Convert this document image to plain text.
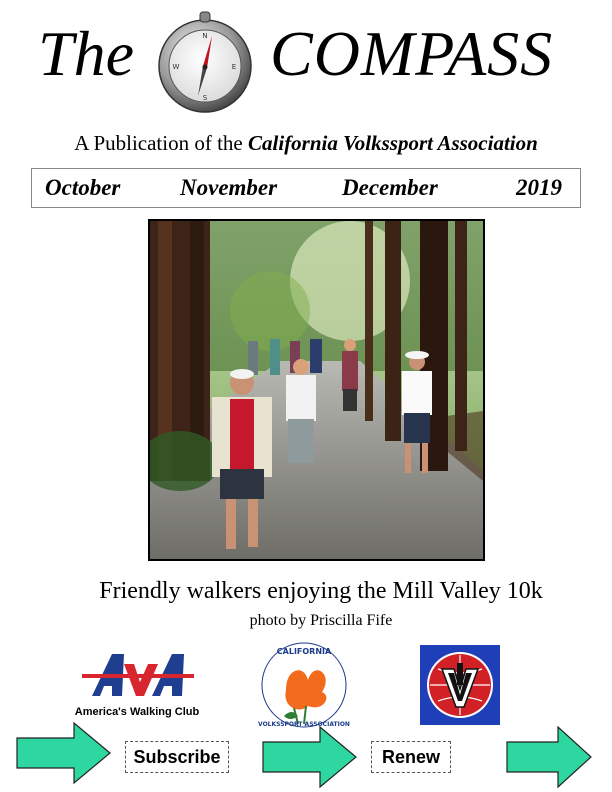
The	N
S
W	E COMPASS
A Publication of the California Volkssport Association
October	November	December	2019
Friendly walkers enjoying the Mill Valley 10k
photo by Priscilla Fife
America's Walking Club
CALIFORNIA
VOLKSSPORT ASSOCIATION
Subscribe	Renew
